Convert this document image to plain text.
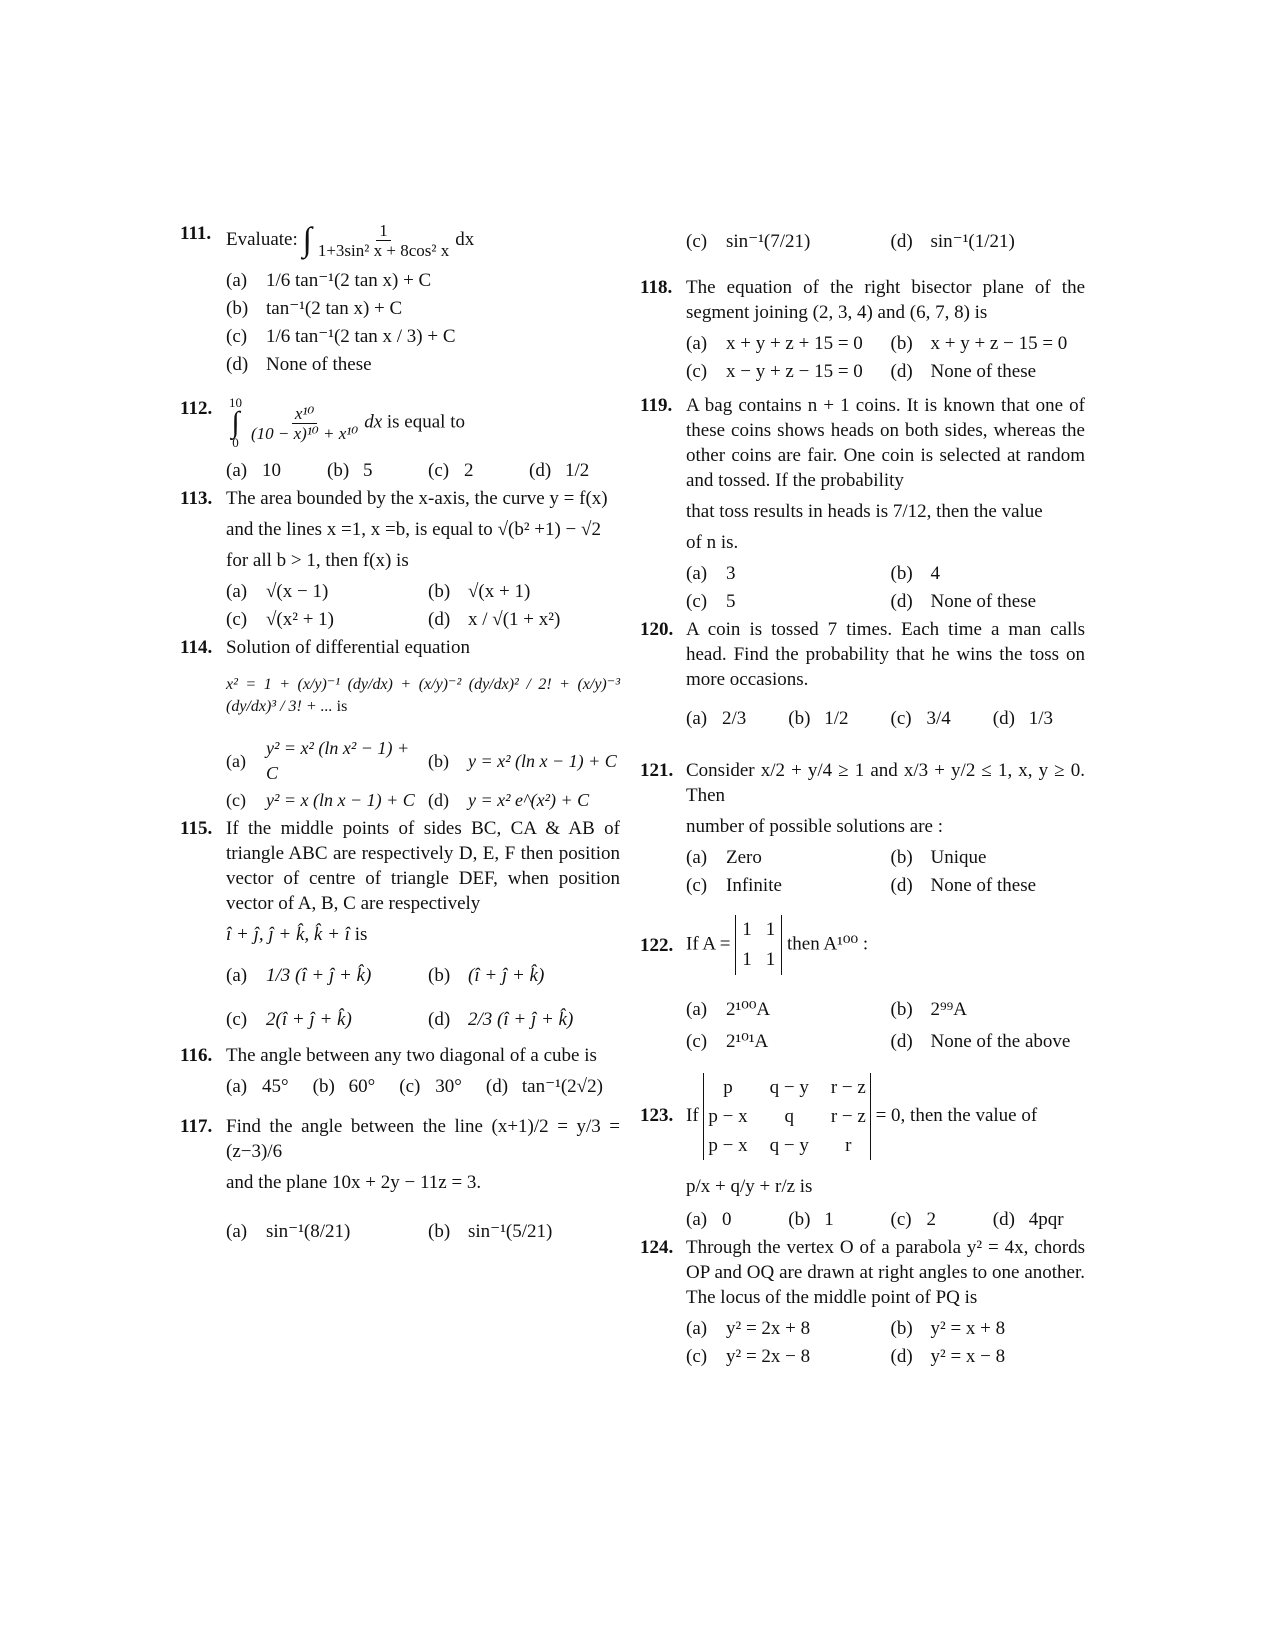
111. Evaluate: ∫ $\frac{1}{\text{1+3sin² x + 8cos² x}}$ dx
(a) 1/6 tan⁻¹(2 tan x) + C
(b) tan⁻¹(2 tan x) + C
(c) 1/6 tan⁻¹(2 tan x / 3) + C
(d) None of these
112. 10
∫
$0 \frac{\text{x¹⁰}}{\text{(10 − x)¹⁰ + x¹⁰}}$ dx is equal to
(a) 10 (b) 5	(c) 2	(d) 1/2
113. The area bounded by the x-axis, the curve y = f(x)
and the lines x =1, x =b, is equal to √(b² +1) − √2
for all b > 1, then f(x) is
(a) √(x − 1)	(b) √(x + 1)
(c) √(x² + 1)	(d) x / √(1 + x²)
114. Solution of differential equation
x² = 1 + (x/y)⁻¹ (dy/dx) + (x/y)⁻² (dy/dx)² / 2! + (x/y)⁻³ (dy/dx)³ / 3! + ... is
(a)
y² = x² (ln x² − 1) + C
(b)	y = x² (ln x − 1) + C
(c)	y² = x (ln x − 1) + C (d)	y = x² e^(x²) + C
115. If the middle points of sides BC, CA & AB of triangle ABC are respectively D, E, F then position vector of centre of triangle DEF, when position vector of A, B, C are respectively
î + ĵ, ĵ + k̂, k̂ + î is
(a) 1/3 (î + ĵ + k̂)	(b) (î + ĵ + k̂)
(c) 2(î + ĵ + k̂)	(d) 2/3 (î + ĵ + k̂)
116. The angle between any two diagonal of a cube is
(a) 45° (b) 60° (c) 30° (d) tan⁻¹(2√2)
117. Find the angle between the line (x+1)/2 = y/3 = (z−3)/6
and the plane 10x + 2y − 11z = 3.
(a) sin⁻¹(8/21)	(b) sin⁻¹(5/21)
(c) sin⁻¹(7/21)	(d) sin⁻¹(1/21)
118. The equation of the right bisector plane of the segment joining (2, 3, 4) and (6, 7, 8) is
(a) x + y + z + 15 = 0 (b) x + y + z − 15 = 0
(c) x − y + z − 15 = 0 (d) None of these
119. A bag contains n + 1 coins. It is known that one of these coins shows heads on both sides, whereas the other coins are fair. One coin is selected at random and tossed. If the probability
that toss results in heads is 7/12, then the value
of n is.
(a) 3	(b) 4
(c) 5	(d) None of these
120. A coin is tossed 7 times. Each time a man calls head. Find the probability that he wins the toss on more occasions.
(a) 2/3 (b) 1/2 (c) 3/4 (d) 1/3
121. Consider x/2 + y/4 ≥ 1 and x/3 + y/2 ≤ 1, x, y ≥ 0. Then
number of possible solutions are :
(a) Zero	(b) Unique
(c) Infinite	(d) None of these
122. If A =
1 1
1 1
then A¹⁰⁰ :
(a) 2¹⁰⁰A	(b) 2⁹⁹A
(c) 2¹⁰¹A	(d) None of the above
123. If
p	q − y r − z
p − x	q	r − z
p − x q − y	r
= 0, then the value of
p/x + q/y + r/z is
(a) 0	(b) 1	(c) 2	(d) 4pqr
124. Through the vertex O of a parabola y² = 4x, chords OP and OQ are drawn at right angles to one another. The locus of the middle point of PQ is
(a) y² = 2x + 8	(b) y² = x + 8
(c) y² = 2x − 8	(d) y² = x − 8
